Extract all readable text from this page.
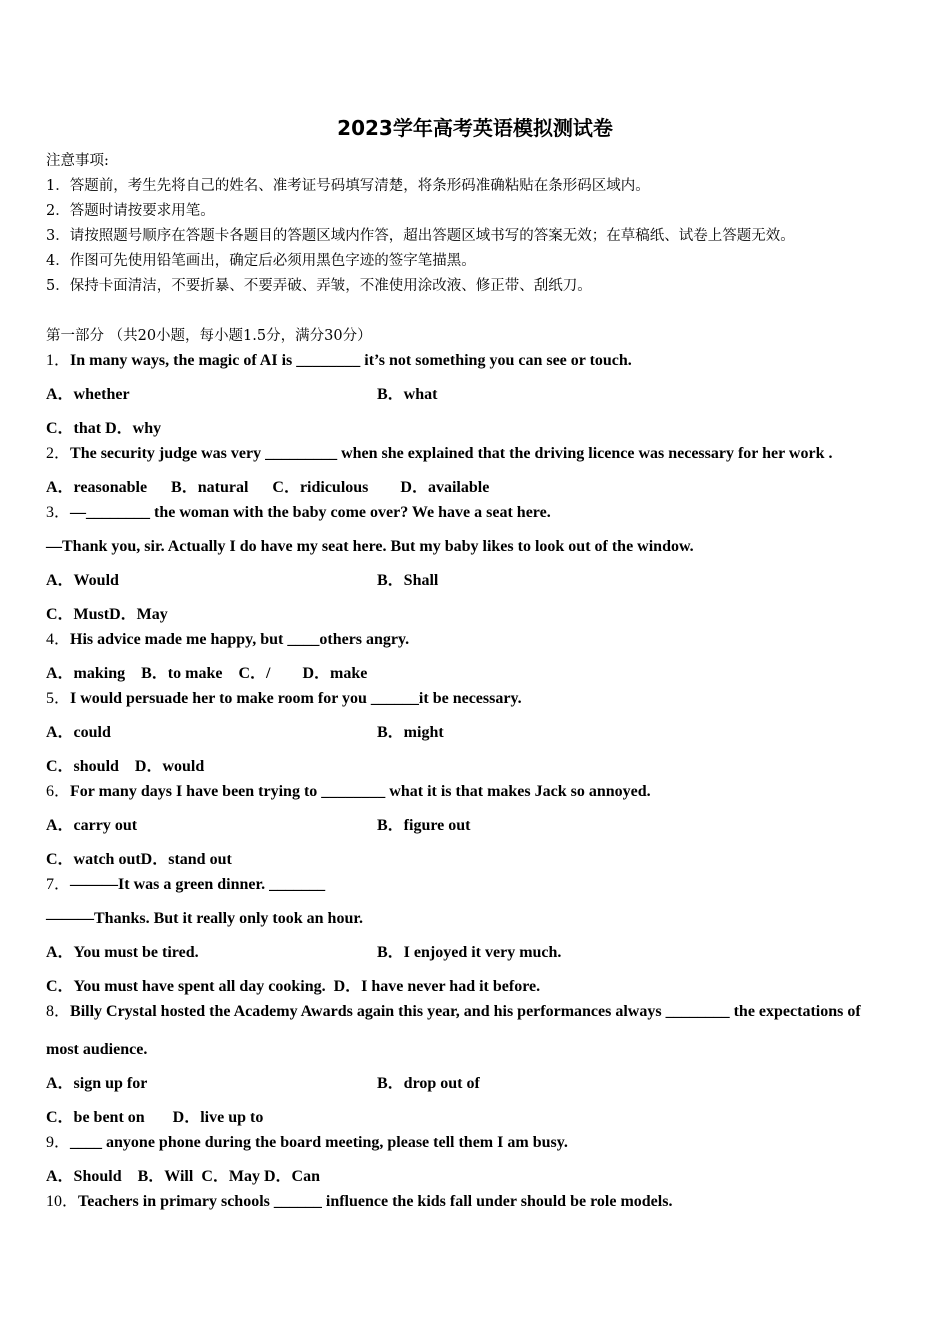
2023学年高考英语模拟测试卷
注意事项:
1．答题前，考生先将自己的姓名、准考证号码填写清楚，将条形码准确粘贴在条形码区域内。
2．答题时请按要求用笔。
3．请按照题号顺序在答题卡各题目的答题区域内作答，超出答题区域书写的答案无效；在草稿纸、试卷上答题无效。
4．作图可先使用铅笔画出，确定后必须用黑色字迹的签字笔描黑。
5．保持卡面清洁，不要折暴、不要弄破、弄皱，不准使用涂改液、修正带、刮纸刀。
第一部分 （共20小题，每小题1.5分，满分30分）
1．In many ways, the magic of AI is ________ it’s not something you can see or touch.
A．whether	B．what
C．that D．why
2．The security judge was very _________ when she explained that the driving licence was necessary for her work .
A．reasonable      B．natural      C．ridiculous        D．available
3．—________ the woman with the baby come over? We have a seat here.
—Thank you, sir. Actually I do have my seat here. But my baby likes to look out of the window.
A．Would	B．Shall
C．MustD．May
4．His advice made me happy, but ____others angry.
A．making    B．to make    C．/        D．make
5．I would persuade her to make room for you ______it be necessary.
A．could	B．might
C．should    D．would
6．For many days I have been trying to ________ what it is that makes Jack so annoyed.
A．carry out	B．figure out
C．watch outD．stand out
7．———It was a green dinner. _______
———Thanks. But it really only took an hour.
A．You must be tired.	B．I enjoyed it very much.
C．You must have spent all day cooking.  D．I have never had it before.
8．Billy Crystal hosted the Academy Awards again this year, and his performances always ________ the expectations of
most audience.
A．sign up for	B．drop out of
C．be bent on       D．live up to
9．____ anyone phone during the board meeting, please tell them I am busy.
A．Should    B．Will  C．May D．Can
10．Teachers in primary schools ______ influence the kids fall under should be role models.
